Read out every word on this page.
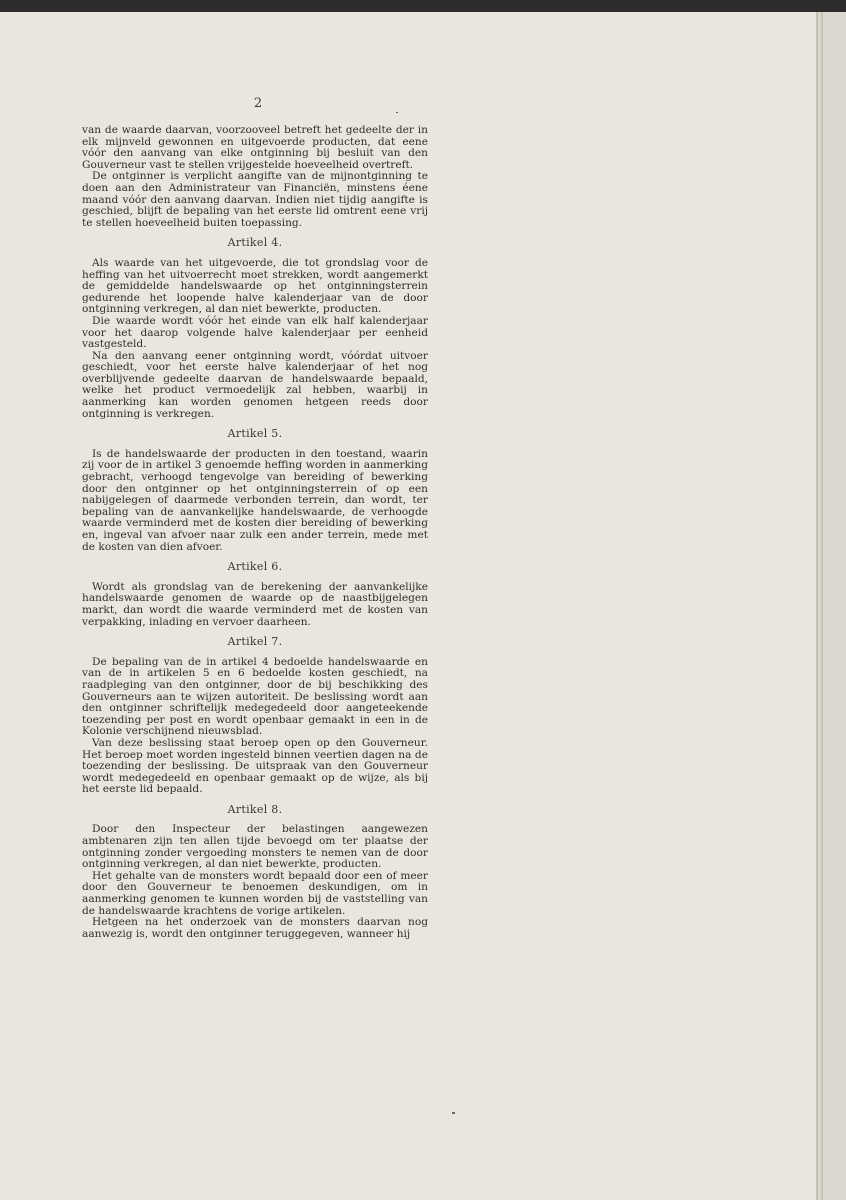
2

van de waarde daarvan, voorzooveel betreft het gedeelte der in elk mijnveld gewonnen en uitgevoerde producten, dat eene vóór den aanvang van elke ontginning bij besluit van den Gouverneur vast te stellen vrijgestelde hoeveelheid overtreft.

De ontginner is verplicht aangifte van de mijnontginning te doen aan den Administrateur van Financiën, minstens éene maand vóór den aanvang daarvan. Indien niet tijdig aangifte is geschied, blijft de bepaling van het eerste lid omtrent eene vrij te stellen hoeveelheid buiten toepassing.

Artikel 4.

Als waarde van het uitgevoerde, die tot grondslag voor de heffing van het uitvoerrecht moet strekken, wordt aangemerkt de gemiddelde handelswaarde op het ontginningsterrein gedurende het loopende halve kalenderjaar van de door ontginning verkregen, al dan niet bewerkte, producten.

Die waarde wordt vóór het einde van elk half kalenderjaar voor het daarop volgende halve kalenderjaar per eenheid vastgesteld.

Na den aanvang eener ontginning wordt, vóórdat uitvoer geschiedt, voor het eerste halve kalenderjaar of het nog overblijvende gedeelte daarvan de handelswaarde bepaald, welke het product vermoedelijk zal hebben, waarbij in aanmerking kan worden genomen hetgeen reeds door ontginning is verkregen.

Artikel 5.

Is de handelswaarde der producten in den toestand, waarin zij voor de in artikel 3 genoemde heffing worden in aanmerking gebracht, verhoogd tengevolge van bereiding of bewerking door den ontginner op het ontginningsterrein of op een nabijgelegen of daarmede verbonden terrein, dan wordt, ter bepaling van de aanvankelijke handelswaarde, de verhoogde waarde verminderd met de kosten dier bereiding of bewerking en, ingeval van afvoer naar zulk een ander terrein, mede met de kosten van dien afvoer.

Artikel 6.

Wordt als grondslag van de berekening der aanvankelijke handelswaarde genomen de waarde op de naastbijgelegen markt, dan wordt die waarde verminderd met de kosten van verpakking, inlading en vervoer daarheen.

Artikel 7.

De bepaling van de in artikel 4 bedoelde handelswaarde en van de in artikelen 5 en 6 bedoelde kosten geschiedt, na raadpleging van den ontginner, door de bij beschikking des Gouverneurs aan te wijzen autoriteit. De beslissing wordt aan den ontginner schriftelijk medegedeeld door aangeteekende toezending per post en wordt openbaar gemaakt in een in de Kolonie verschijnend nieuwsblad.

Van deze beslissing staat beroep open op den Gouverneur. Het beroep moet worden ingesteld binnen veertien dagen na de toezending der beslissing. De uitspraak van den Gouverneur wordt medegedeeld en openbaar gemaakt op de wijze, als bij het eerste lid bepaald.

Artikel 8.

Door den Inspecteur der belastingen aangewezen ambtenaren zijn ten allen tijde bevoegd om ter plaatse der ontginning zonder vergoeding monsters te nemen van de door ontginning verkregen, al dan niet bewerkte, producten.

Het gehalte van de monsters wordt bepaald door een of meer door den Gouverneur te benoemen deskundigen, om in aanmerking genomen te kunnen worden bij de vaststelling van de handelswaarde krachtens de vorige artikelen.

Hetgeen na het onderzoek van de monsters daarvan nog aanwezig is, wordt den ontginner teruggegeven, wanneer hij
